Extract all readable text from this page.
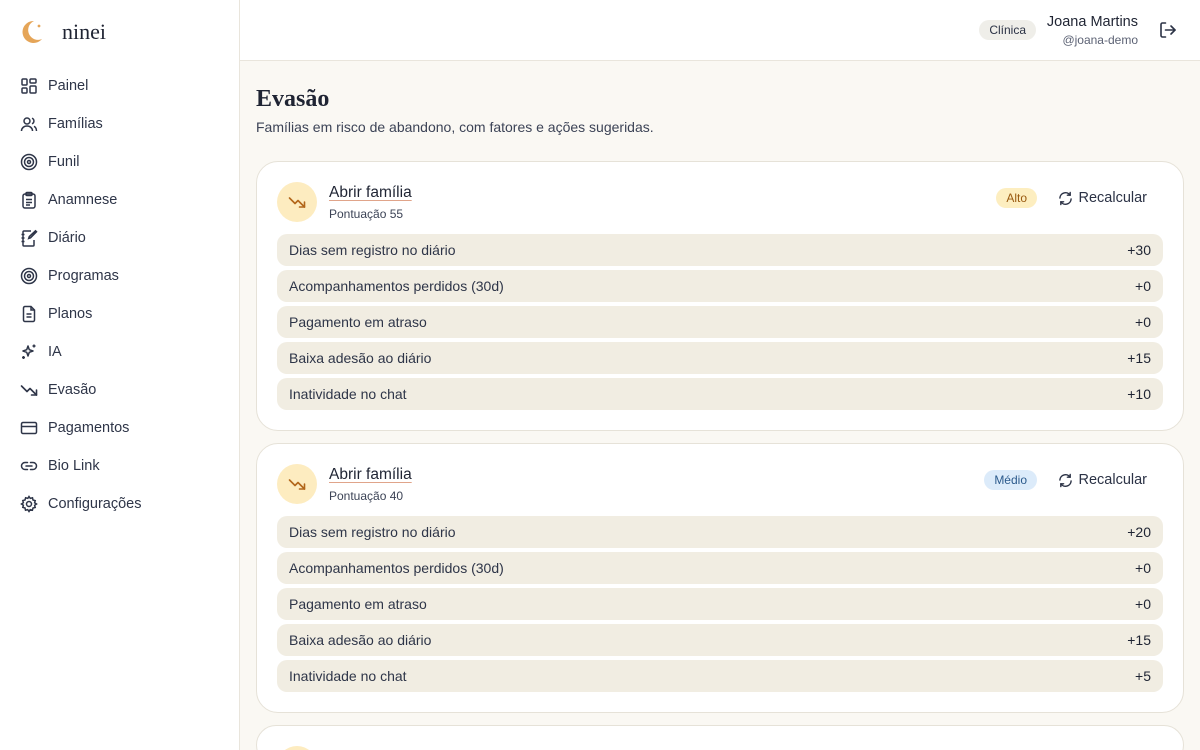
ninei
Painel
Famílias
Funil
Anamnese
Diário
Programas
Planos
IA
Evasão
Pagamentos
Bio Link
Configurações
Clínica	Joana Martins
@joana-demo
Evasão

Famílias em risco de abandono, com fatores e ações sugeridas.

Abrir família
Pontuação 55
Alto	Recalcular
Dias sem registro no diário	+30
Acompanhamentos perdidos (30d)	+0
Pagamento em atraso	+0
Baixa adesão ao diário	+15
Inatividade no chat	+10
Abrir família
Pontuação 40
Médio	Recalcular
Dias sem registro no diário	+20
Acompanhamentos perdidos (30d)	+0
Pagamento em atraso	+0
Baixa adesão ao diário	+15
Inatividade no chat	+5
